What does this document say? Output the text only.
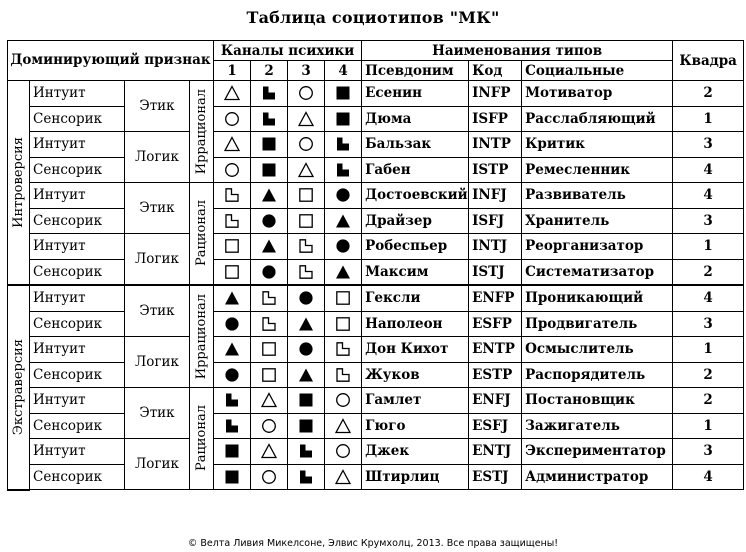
Таблица социотипов "МК"
Доминирующий признак				Каналы психики				Наименования типов			Квадра
				1	2	3	4	Псевдоним	Код	Социальные	

Интроверсия	Интуит	Этик	Иррационал					Есенин	INFP	Мотиватор	2
	Сенсорик							Дюма	ISFP	Расслабляющий	1
	Интуит	Логик						Бальзак	INTP	Критик	3
	Сенсорик							Габен	ISTP	Ремесленник	4
	Интуит	Этик	Рационал					Достоевский	INFJ	Развиватель	4
	Сенсорик							Драйзер	ISFJ	Хранитель	3
	Интуит	Логик						Робеспьер	INTJ	Реорганизатор	1
	Сенсорик							Максим	ISTJ	Систематизатор	2

Экстраверсия	Интуит	Этик	Иррационал					Гексли	ENFP	Проникающий	4
	Сенсорик							Наполеон	ESFP	Продвигатель	3
	Интуит	Логик						Дон Кихот	ENTP	Осмыслитель	1
	Сенсорик							Жуков	ESTP	Распорядитель	2
	Интуит	Этик	Рационал					Гамлет	ENFJ	Постановщик	2
	Сенсорик							Гюго	ESFJ	Зажигатель	1
	Интуит	Логик						Джек	ENTJ	Экспериментатор	3
	Сенсорик							Штирлиц	ESTJ	Администратор	4
© Велта Ливия Микелсоне, Элвис Крумхолц, 2013. Все права защищены!
